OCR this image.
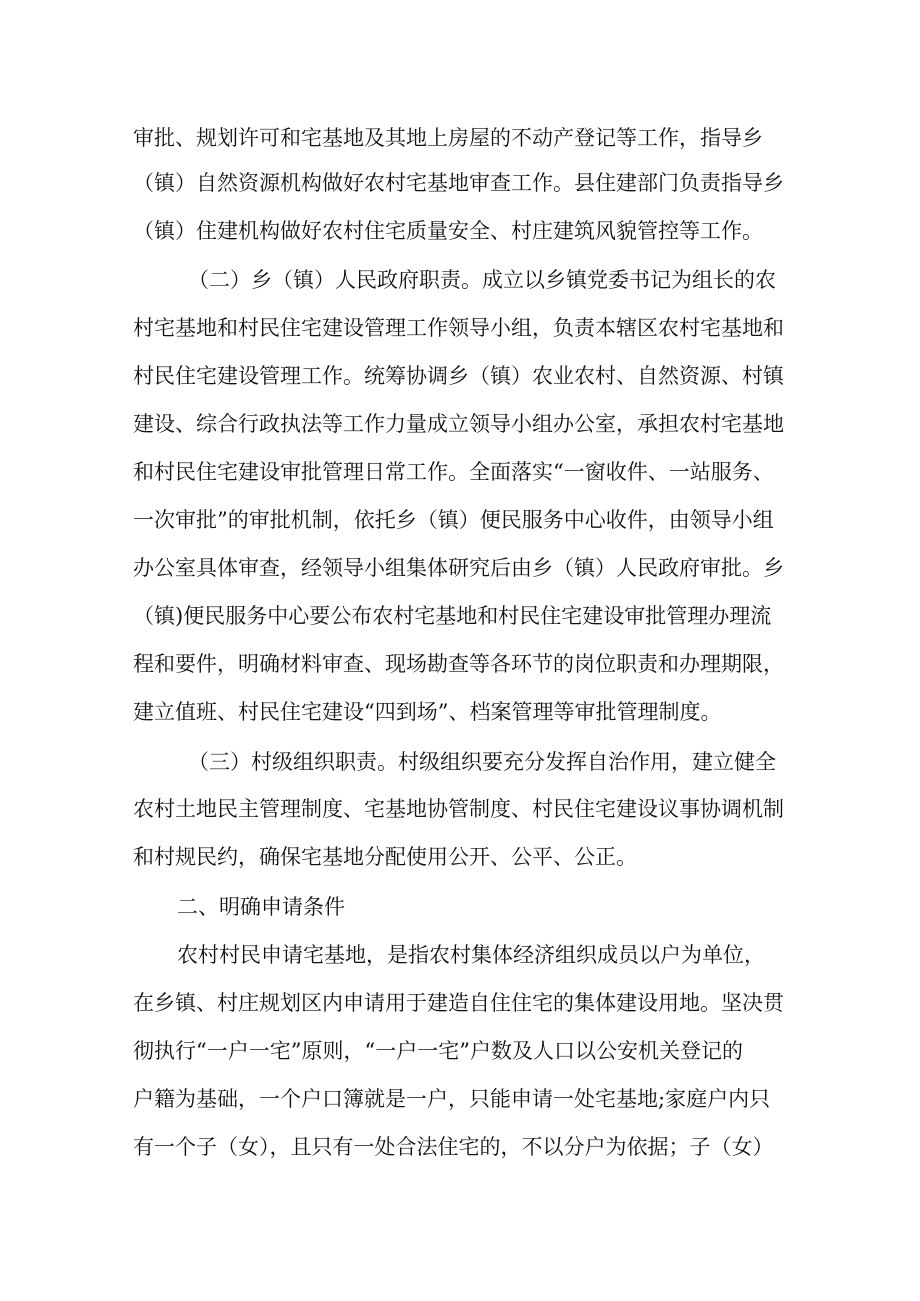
审批、规划许可和宅基地及其地上房屋的不动产登记等工作，指导乡
（镇）自然资源机构做好农村宅基地审查工作。县住建部门负责指导乡
（镇）住建机构做好农村住宅质量安全、村庄建筑风貌管控等工作。
（二）乡（镇）人民政府职责。成立以乡镇党委书记为组长的农
村宅基地和村民住宅建设管理工作领导小组，负责本辖区农村宅基地和
村民住宅建设管理工作。统筹协调乡（镇）农业农村、自然资源、村镇
建设、综合行政执法等工作力量成立领导小组办公室，承担农村宅基地
和村民住宅建设审批管理日常工作。全面落实“一窗收件、一站服务、
一次审批”的审批机制，依托乡（镇）便民服务中心收件，由领导小组
办公室具体审查，经领导小组集体研究后由乡（镇）人民政府审批。乡
（镇)便民服务中心要公布农村宅基地和村民住宅建设审批管理办理流
程和要件，明确材料审查、现场勘查等各环节的岗位职责和办理期限，
建立值班、村民住宅建设“四到场”、档案管理等审批管理制度。
（三）村级组织职责。村级组织要充分发挥自治作用，建立健全
农村土地民主管理制度、宅基地协管制度、村民住宅建设议事协调机制
和村规民约，确保宅基地分配使用公开、公平、公正。
二、明确申请条件
农村村民申请宅基地，是指农村集体经济组织成员以户为单位，
在乡镇、村庄规划区内申请用于建造自住住宅的集体建设用地。坚决贯
彻执行“一户一宅”原则，“一户一宅”户数及人口以公安机关登记的
户籍为基础，一个户口簿就是一户，只能申请一处宅基地;家庭户内只
有一个子（女），且只有一处合法住宅的，不以分户为依据；子（女）
